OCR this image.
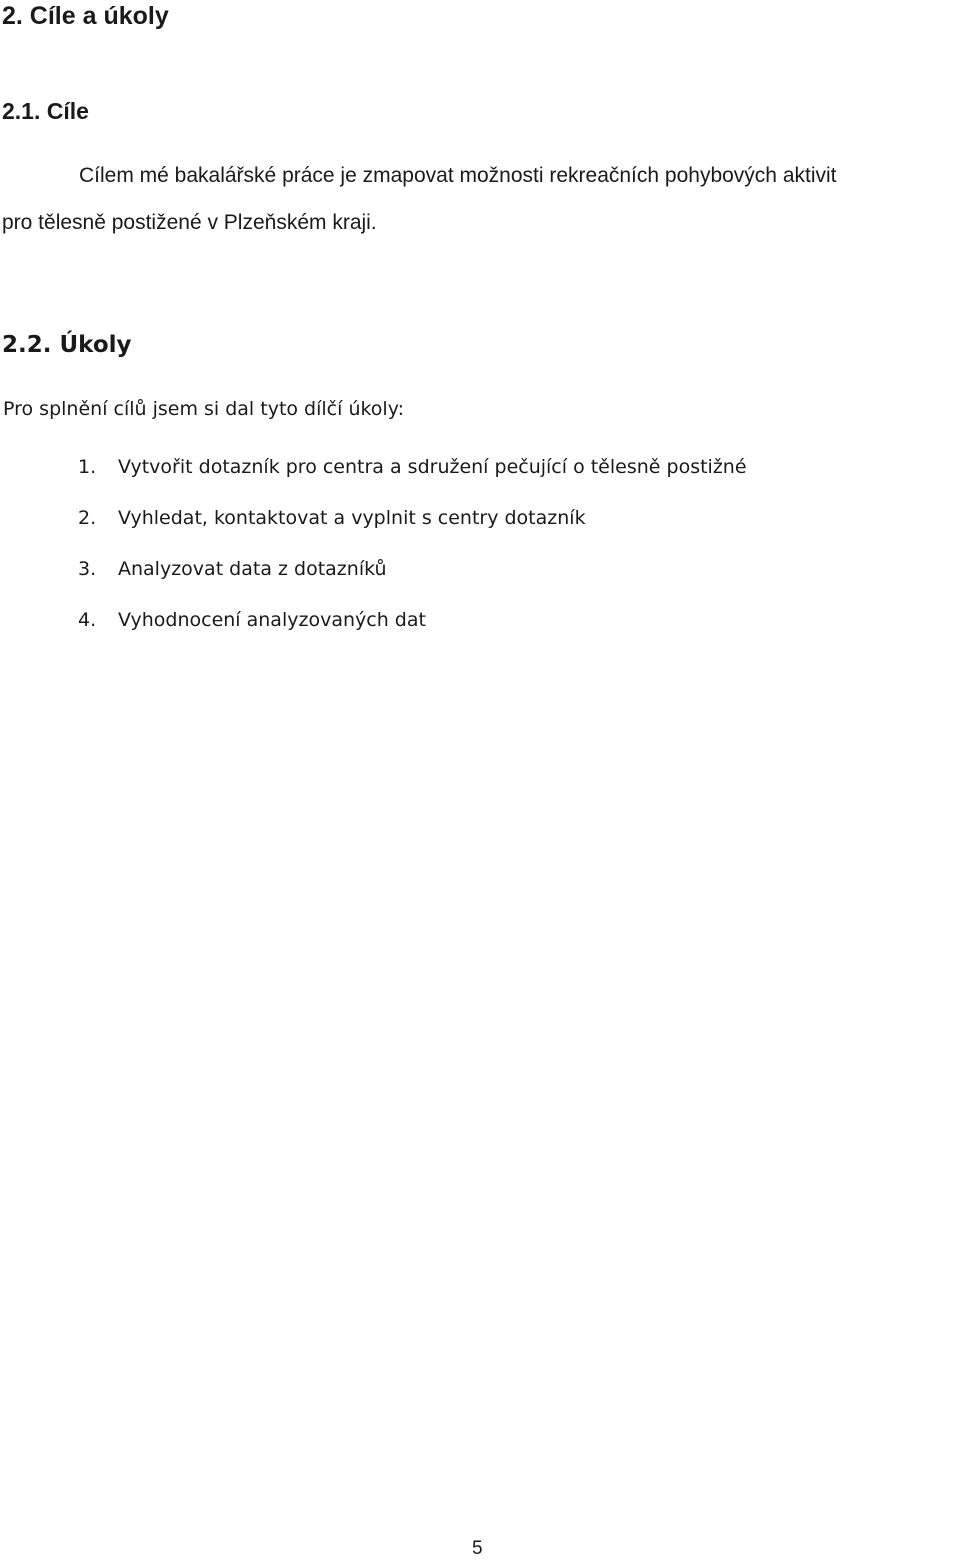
2. Cíle a úkoly
2.1. Cíle

Cílem mé bakalářské práce je zmapovat možnosti rekreačních pohybových aktivit

pro tělesně postižené v Plzeňském kraji.

2.2. Úkoly

Pro splnění cílů jsem si dal tyto dílčí úkoly:

1. Vytvořit dotazník pro centra a sdružení pečující o tělesně postižné
2. Vyhledat, kontaktovat a vyplnit s centry dotazník
3. Analyzovat data z dotazníků
4. Vyhodnocení analyzovaných dat
5
